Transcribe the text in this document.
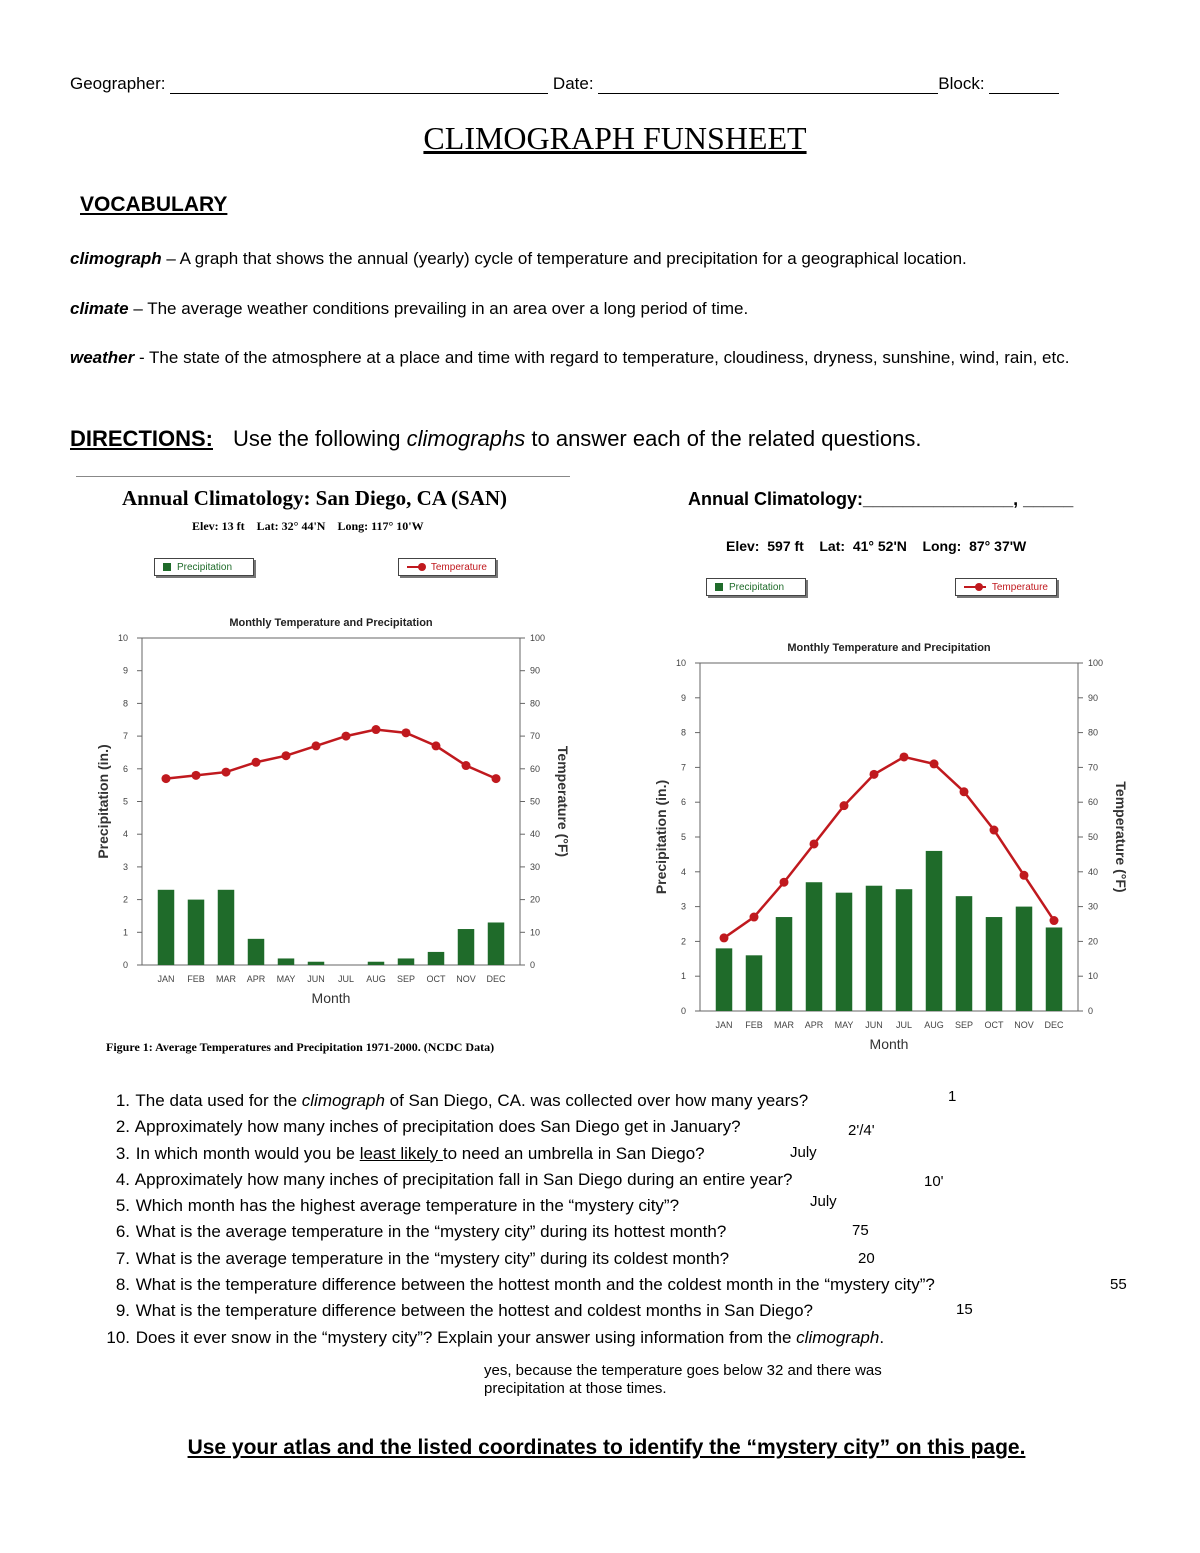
Geographer:	Date:	Block:
CLIMOGRAPH FUNSHEET
VOCABULARY
climograph – A graph that shows the annual (yearly) cycle of temperature and precipitation for a geographical location.
climate – The average weather conditions prevailing in an area over a long period of time.
weather - The state of the atmosphere at a place and time with regard to temperature, cloudiness, dryness, sunshine, wind, rain, etc.
DIRECTIONS: Use the following climographs to answer each of the related questions.
Annual Climatology: San Diego, CA (SAN)
Elev: 13 ft    Lat: 32° 44'N    Long: 117° 10'W
Precipitation	Temperature
Annual Climatology:_______________, _____
Elev:  597 ft    Lat:  41° 52'N    Long:  87° 37'W
Precipitation	Temperature
Monthly Temperature and Precipitation
0
1
2
3
4
5
6
7
8
9
10
0
10
20
30
40
50
60
70
80
90
100
JAN FEB MAR APR MAY JUN JUL AUG SEP OCT NOV DEC
Month
Precipitation (in.)	Temperature (°F)
Monthly Temperature and Precipitation
0
1
2
3
4
5
6
7
8
9
10
0
10
20
30
40
50
60
70
80
90
100
JAN FEB MAR APR MAY JUN JUL AUG SEP OCT NOV DEC
Month
Precipitation (in.)	Temperature (°F)
Figure 1: Average Temperatures and Precipitation 1971-2000. (NCDC Data)
1. The data used for the climograph of San Diego, CA. was collected over how many years?	1
2. Approximately how many inches of precipitation does San Diego get in January?	2'/4'
3. In which month would you be least likely to need an umbrella in San Diego?	July
4. Approximately how many inches of precipitation fall in San Diego during an entire year?	10'
5. Which month has the highest average temperature in the “mystery city”?	July
6. What is the average temperature in the “mystery city” during its hottest month?	75
7. What is the average temperature in the “mystery city” during its coldest month?	20
8. What is the temperature difference between the hottest month and the coldest month in the “mystery city”?	55
9. What is the temperature difference between the hottest and coldest months in San Diego?	15
10. Does it ever snow in the “mystery city”? Explain your answer using information from the climograph.
yes, because the temperature goes below 32 and there was precipitation at those times.
Use your atlas and the listed coordinates to identify the “mystery city” on this page.
